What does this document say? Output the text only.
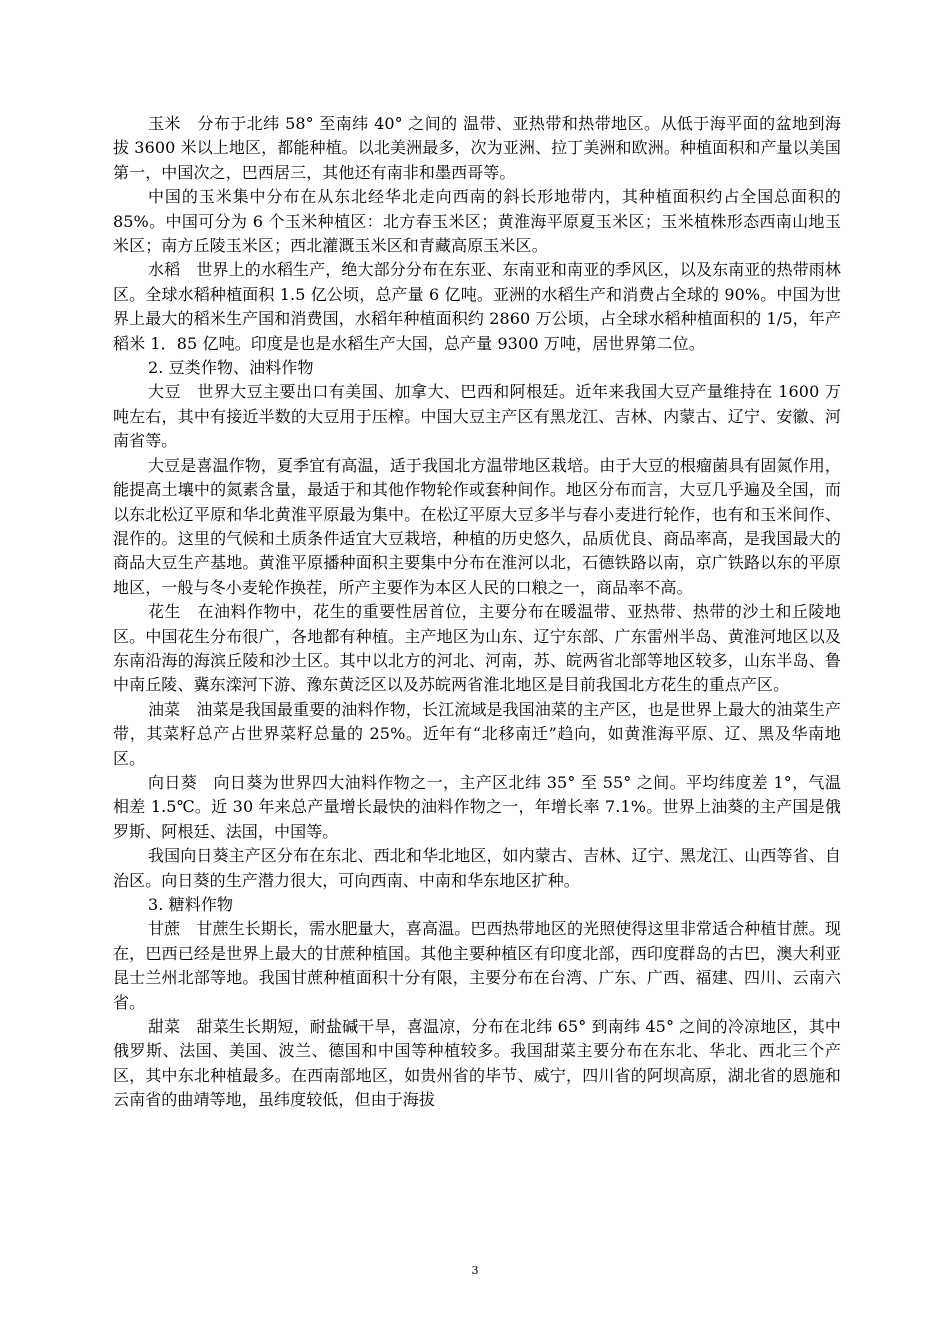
玉米　分布于北纬 58° 至南纬 40° 之间的 温带、亚热带和热带地区。从低于海平面的盆地到海拔 3600 米以上地区，都能种植。以北美洲最多，次为亚洲、拉丁美洲和欧洲。种植面积和产量以美国第一，中国次之，巴西居三，其他还有南非和墨西哥等。

中国的玉米集中分布在从东北经华北走向西南的斜长形地带内，其种植面积约占全国总面积的 85%。中国可分为 6 个玉米种植区：北方春玉米区；黄淮海平原夏玉米区；玉米植株形态西南山地玉米区；南方丘陵玉米区；西北灌溉玉米区和青藏高原玉米区。

水稻　世界上的水稻生产，绝大部分分布在东亚、东南亚和南亚的季风区，以及东南亚的热带雨林区。全球水稻种植面积 1.5 亿公顷，总产量 6 亿吨。亚洲的水稻生产和消费占全球的 90%。中国为世界上最大的稻米生产国和消费国，水稻年种植面积约 2860 万公顷，占全球水稻种植面积的 1/5，年产稻米 1．85 亿吨。印度是也是水稻生产大国，总产量 9300 万吨，居世界第二位。

2. 豆类作物、油料作物

大豆　世界大豆主要出口有美国、加拿大、巴西和阿根廷。近年来我国大豆产量维持在 1600 万吨左右，其中有接近半数的大豆用于压榨。中国大豆主产区有黑龙江、吉林、内蒙古、辽宁、安徽、河南省等。

大豆是喜温作物，夏季宜有高温，适于我国北方温带地区栽培。由于大豆的根瘤菌具有固氮作用，能提高土壤中的氮素含量，最适于和其他作物轮作或套种间作。地区分布而言，大豆几乎遍及全国，而以东北松辽平原和华北黄淮平原最为集中。在松辽平原大豆多半与春小麦进行轮作，也有和玉米间作、混作的。这里的气候和土质条件适宜大豆栽培，种植的历史悠久，品质优良、商品率高，是我国最大的商品大豆生产基地。黄淮平原播种面积主要集中分布在淮河以北，石德铁路以南，京广铁路以东的平原地区，一般与冬小麦轮作换茬，所产主要作为本区人民的口粮之一，商品率不高。

花生　在油料作物中，花生的重要性居首位，主要分布在暖温带、亚热带、热带的沙土和丘陵地区。中国花生分布很广，各地都有种植。主产地区为山东、辽宁东部、广东雷州半岛、黄淮河地区以及东南沿海的海滨丘陵和沙土区。其中以北方的河北、河南，苏、皖两省北部等地区较多，山东半岛、鲁中南丘陵、冀东滦河下游、豫东黄泛区以及苏皖两省淮北地区是目前我国北方花生的重点产区。

油菜　油菜是我国最重要的油料作物，长江流域是我国油菜的主产区，也是世界上最大的油菜生产带，其菜籽总产占世界菜籽总量的 25%。近年有“北移南迁”趋向，如黄淮海平原、辽、黑及华南地区。

向日葵　向日葵为世界四大油料作物之一，主产区北纬 35° 至 55° 之间。平均纬度差 1°，气温相差 1.5℃。近 30 年来总产量增长最快的油料作物之一，年增长率 7.1%。世界上油葵的主产国是俄罗斯、阿根廷、法国，中国等。

我国向日葵主产区分布在东北、西北和华北地区，如内蒙古、吉林、辽宁、黑龙江、山西等省、自治区。向日葵的生产潜力很大，可向西南、中南和华东地区扩种。

3. 糖料作物

甘蔗　甘蔗生长期长，需水肥量大，喜高温。巴西热带地区的光照使得这里非常适合种植甘蔗。现在，巴西已经是世界上最大的甘蔗种植国。其他主要种植区有印度北部，西印度群岛的古巴，澳大利亚昆士兰州北部等地。我国甘蔗种植面积十分有限，主要分布在台湾、广东、广西、福建、四川、云南六省。

甜菜　甜菜生长期短，耐盐碱干旱，喜温凉，分布在北纬 65° 到南纬 45° 之间的冷凉地区，其中俄罗斯、法国、美国、波兰、德国和中国等种植较多。我国甜菜主要分布在东北、华北、西北三个产区，其中东北种植最多。在西南部地区，如贵州省的毕节、威宁，四川省的阿坝高原，湖北省的恩施和云南省的曲靖等地，虽纬度较低，但由于海拔

3
